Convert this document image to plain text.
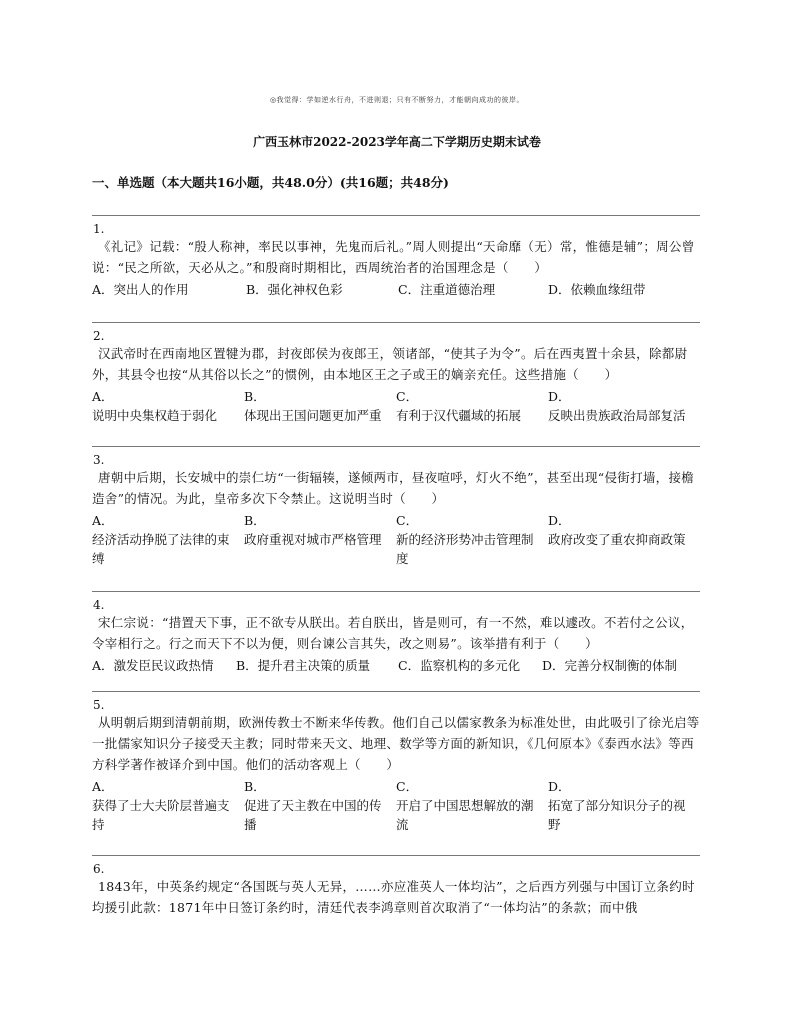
◎我觉得：学如逆水行舟，不进则退；只有不断努力，才能朝向成功的彼岸。
广西玉林市2022-2023学年高二下学期历史期末试卷
一、单选题（本大题共16小题，共48.0分）(共16题；共48分)
1.

《礼记》记载：“殷人称神，率民以事神，先鬼而后礼。”周人则提出“天命靡（无）常，惟德是辅”；周公曾说：“民之所欲，天必从之。”和殷商时期相比，西周统治者的治国理念是（　　）

A．突出人的作用	B．强化神权色彩	C．注重道德治理	D．依赖血缘纽带
2.

汉武帝时在西南地区置犍为郡，封夜郎侯为夜郎王，领诸部，“使其子为令”。后在西夷置十余县，除都尉外，其县令也按“从其俗以长之”的惯例，由本地区王之子或王的嫡亲充任。这些措施（　　）

A．
说明中央集权趋于弱化
B．
体现出王国问题更加严重
C．
有利于汉代疆域的拓展
D．
反映出贵族政治局部复活
3.

唐朝中后期，长安城中的崇仁坊“一街辐辏，遂倾两市，昼夜喧呼，灯火不绝”，甚至出现“侵街打墙，接檐造舍”的情况。为此，皇帝多次下令禁止。这说明当时（　　）

A．
经济活动挣脱了法律的束缚
B．
政府重视对城市严格管理
C．
新的经济形势冲击管理制度
D．
政府改变了重农抑商政策
4.

宋仁宗说：“措置天下事，正不欲专从朕出。若自朕出，皆是则可，有一不然，难以遽改。不若付之公议，令宰相行之。行之而天下不以为便，则台谏公言其失，改之则易”。该举措有利于（　　）

A．激发臣民议政热情	B．提升君主决策的质量	C．监察机构的多元化	D．完善分权制衡的体制
5.

从明朝后期到清朝前期，欧洲传教士不断来华传教。他们自己以儒家教条为标准处世，由此吸引了徐光启等一批儒家知识分子接受天主教；同时带来天文、地理、数学等方面的新知识，《几何原本》《泰西水法》等西方科学著作被译介到中国。他们的活动客观上（　　）

A．
获得了士大夫阶层普遍支持
B．
促进了天主教在中国的传播
C．
开启了中国思想解放的潮流
D．
拓宽了部分知识分子的视野
6.

1843年，中英条约规定“各国既与英人无异，……亦应准英人一体均沾”，之后西方列强与中国订立条约时均援引此款：1871年中日签订条约时，清廷代表李鸿章则首次取消了“一体均沾”的条款；而中俄
